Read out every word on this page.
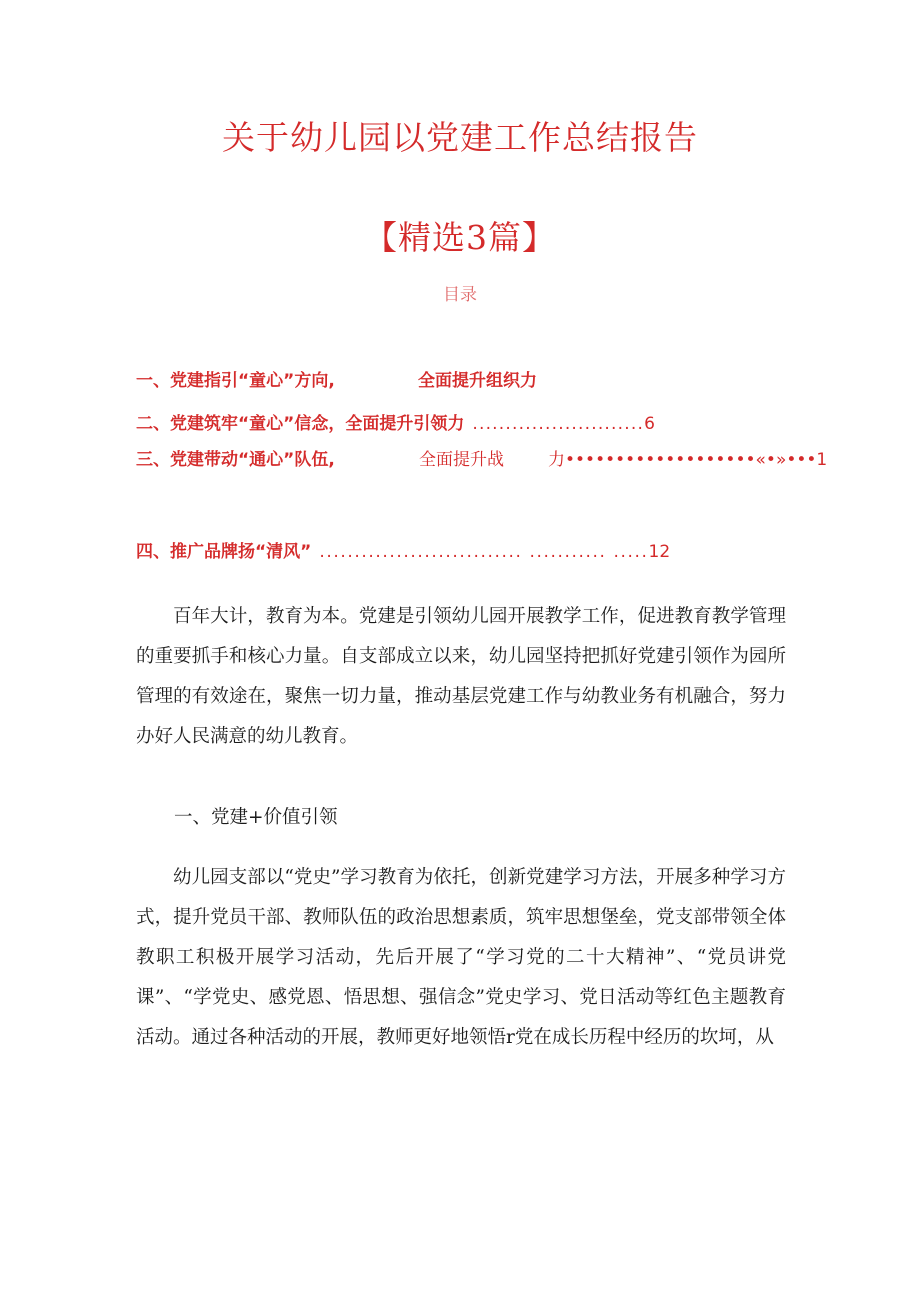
关于幼儿园以党建工作总结报告
【精选3篇】
目录
一、党建指引“童心”方向,	全面提升组织力
二、党建筑牢“童心”信念，全面提升引领力 ..........................6
三、党建带动“通心”队伍,	全面提升战	力•••••••••••••••••••«•»•••1
四、推广品牌扬“清风” ............................. ........... .....12

百年大计，教育为本。党建是引领幼儿园开展教学工作，促进教育教学管理的重要抓手和核心力量。自支部成立以来，幼儿园坚持把抓好党建引领作为园所管理的有效途在，聚焦一切力量，推动基层党建工作与幼教业务有机融合，努力办好人民满意的幼儿教育。

一、党建+价值引领

幼儿园支部以“党史”学习教育为依托，创新党建学习方法，开展多种学习方式，提升党员干部、教师队伍的政治思想素质，筑牢思想堡垒，党支部带领全体教职工积极开展学习活动，先后开展了“学习党的二十大精神”、“党员讲党课”、“学党史、感党恩、悟思想、强信念”党史学习、党日活动等红色主题教育活动。通过各种活动的开展，教师更好地领悟r党在成长历程中经历的坎坷，从
